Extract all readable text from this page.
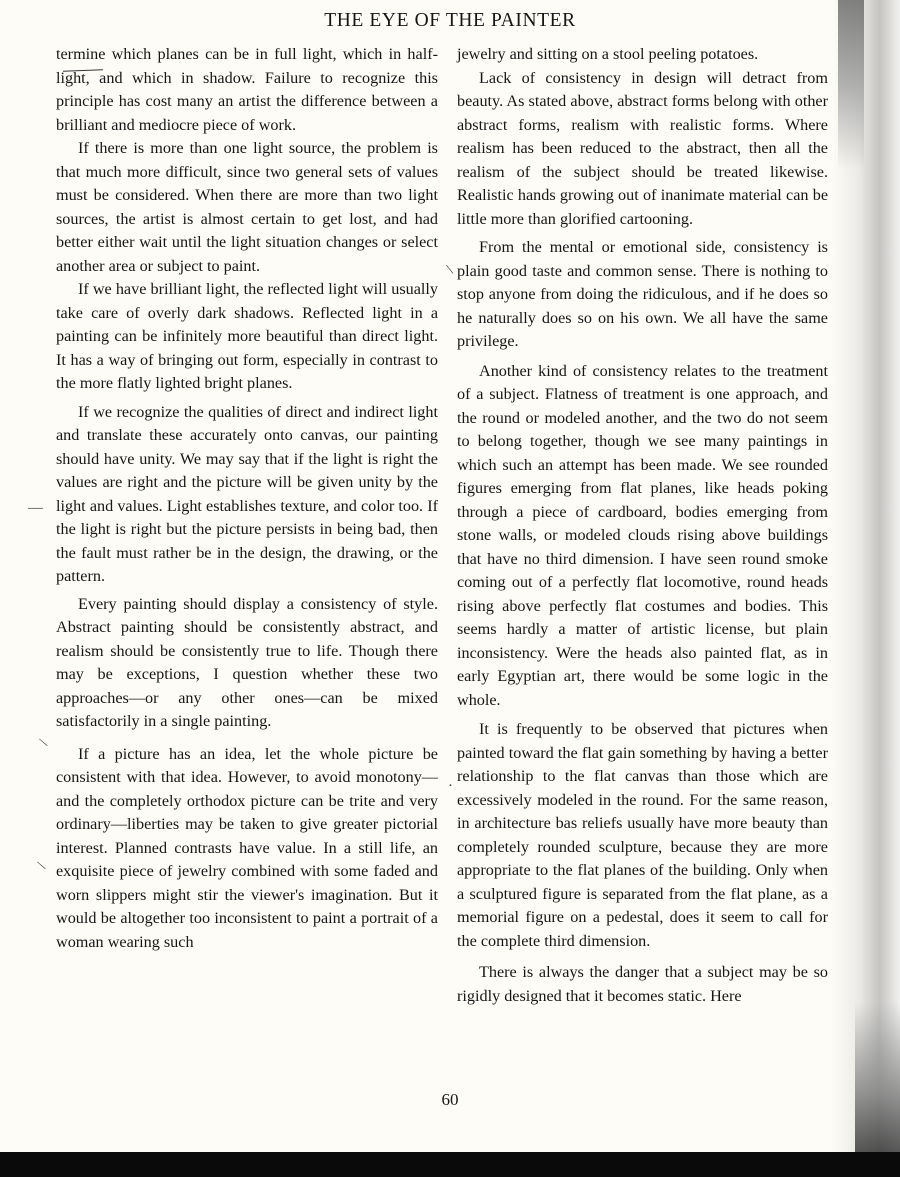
THE EYE OF THE PAINTER

termine which planes can be in full light, which in half-light, and which in shadow. Failure to recognize this principle has cost many an artist the difference between a brilliant and mediocre piece of work.

If there is more than one light source, the problem is that much more difficult, since two general sets of values must be considered. When there are more than two light sources, the artist is almost certain to get lost, and had better either wait until the light situation changes or select another area or subject to paint.

If we have brilliant light, the reflected light will usually take care of overly dark shadows. Reflected light in a painting can be infinitely more beautiful than direct light. It has a way of bringing out form, especially in contrast to the more flatly lighted bright planes.

If we recognize the qualities of direct and indirect light and translate these accurately onto canvas, our painting should have unity. We may say that if the light is right the values are right and the picture will be given unity by the light and values. Light establishes texture, and color too. If the light is right but the picture persists in being bad, then the fault must rather be in the design, the drawing, or the pattern.

Every painting should display a consistency of style. Abstract painting should be consistently abstract, and realism should be consistently true to life. Though there may be exceptions, I question whether these two approaches—or any other ones—can be mixed satisfactorily in a single painting.

If a picture has an idea, let the whole picture be consistent with that idea. However, to avoid monotony—and the completely orthodox picture can be trite and very ordinary—liberties may be taken to give greater pictorial interest. Planned contrasts have value. In a still life, an exquisite piece of jewelry combined with some faded and worn slippers might stir the viewer's imagination. But it would be altogether too inconsistent to paint a portrait of a woman wearing such

jewelry and sitting on a stool peeling potatoes.

Lack of consistency in design will detract from beauty. As stated above, abstract forms belong with other abstract forms, realism with realistic forms. Where realism has been reduced to the abstract, then all the realism of the subject should be treated likewise. Realistic hands growing out of inanimate material can be little more than glorified cartooning.

From the mental or emotional side, consistency is plain good taste and common sense. There is nothing to stop anyone from doing the ridiculous, and if he does so he naturally does so on his own. We all have the same privilege.

Another kind of consistency relates to the treatment of a subject. Flatness of treatment is one approach, and the round or modeled another, and the two do not seem to belong together, though we see many paintings in which such an attempt has been made. We see rounded figures emerging from flat planes, like heads poking through a piece of cardboard, bodies emerging from stone walls, or modeled clouds rising above buildings that have no third dimension. I have seen round smoke coming out of a perfectly flat locomotive, round heads rising above perfectly flat costumes and bodies. This seems hardly a matter of artistic license, but plain inconsistency. Were the heads also painted flat, as in early Egyptian art, there would be some logic in the whole.

It is frequently to be observed that pictures when painted toward the flat gain something by having a better relationship to the flat canvas than those which are excessively modeled in the round. For the same reason, in architecture bas reliefs usually have more beauty than completely rounded sculpture, because they are more appropriate to the flat planes of the building. Only when a sculptured figure is separated from the flat plane, as a memorial figure on a pedestal, does it seem to call for the complete third dimension.

There is always the danger that a subject may be so rigidly designed that it becomes static. Here

60
—
\
\
\
·
